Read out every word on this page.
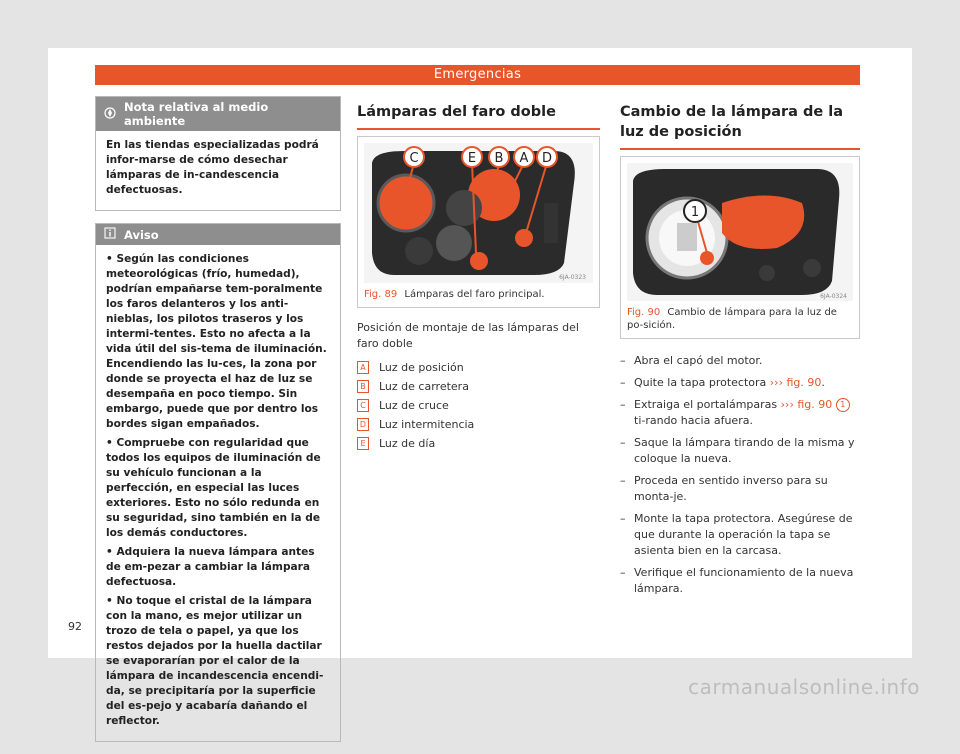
Emergencias
Nota relativa al medio ambiente

En las tiendas especializadas podrá infor-marse de cómo desechar lámparas de in-candescencia defectuosas.

Aviso

• Según las condiciones meteorológicas (frío, humedad), podrían empañarse tem-poralmente los faros delanteros y los anti-nieblas, los pilotos traseros y los intermi-tentes. Esto no afecta a la vida útil del sis-tema de iluminación. Encendiendo las lu-ces, la zona por donde se proyecta el haz de luz se desempaña en poco tiempo. Sin embargo, puede que por dentro los bordes sigan empañados.

• Compruebe con regularidad que todos los equipos de iluminación de su vehículo funcionan a la perfección, en especial las luces exteriores. Esto no sólo redunda en su seguridad, sino también en la de los demás conductores.

• Adquiera la nueva lámpara antes de em-pezar a cambiar la lámpara defectuosa.

• No toque el cristal de la lámpara con la mano, es mejor utilizar un trozo de tela o papel, ya que los restos dejados por la huella dactilar se evaporarían por el calor de la lámpara de incandescencia encendi-da, se precipitaría por la superficie del es-pejo y acabaría dañando el reflector.

Lámparas del faro doble
C	E B A D
6JA-0323
Fig. 89 Lámparas del faro principal.
Posición de montaje de las lámparas del faro doble
A Luz de posición
B Luz de carretera
C Luz de cruce
D Luz intermitencia
E	Luz de día
Cambio de la lámpara de la luz de posición
1
6JA-0324
Fig. 90 Cambio de lámpara para la luz de po-sición.
– Abra el capó del motor.
– Quite la tapa protectora ››› fig. 90.
– Extraiga el portalámparas ››› fig. 90 1 ti-rando hacia afuera.
– Saque la lámpara tirando de la misma y coloque la nueva.
– Proceda en sentido inverso para su monta-je.
– Monte la tapa protectora. Asegúrese de que durante la operación la tapa se asienta bien en la carcasa.
– Verifique el funcionamiento de la nueva lámpara.
92
carmanualsonline.info
